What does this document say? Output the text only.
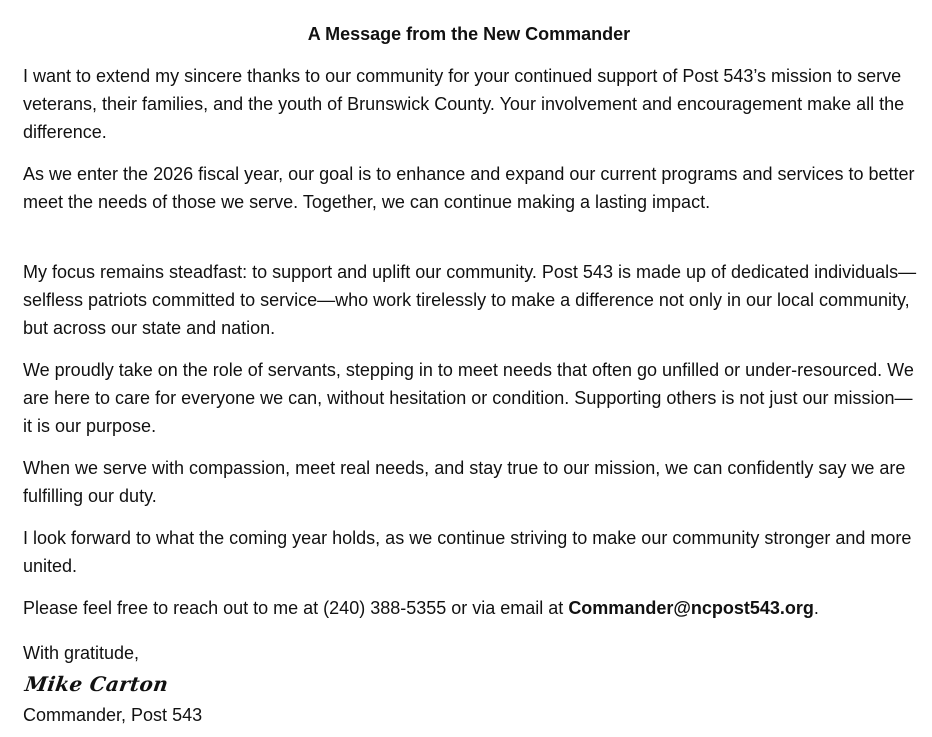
A Message from the New Commander

I want to extend my sincere thanks to our community for your continued support of Post 543’s mission to serve veterans, their families, and the youth of Brunswick County. Your involvement and encouragement make all the difference.

As we enter the 2026 fiscal year, our goal is to enhance and expand our current programs and services to better meet the needs of those we serve. Together, we can continue making a lasting impact.

My focus remains steadfast: to support and uplift our community. Post 543 is made up of dedicated individuals—selfless patriots committed to service—who work tirelessly to make a difference not only in our local community, but across our state and nation.

We proudly take on the role of servants, stepping in to meet needs that often go unfilled or under-resourced. We are here to care for everyone we can, without hesitation or condition. Supporting others is not just our mission—it is our purpose.

When we serve with compassion, meet real needs, and stay true to our mission, we can confidently say we are fulfilling our duty.

I look forward to what the coming year holds, as we continue striving to make our community stronger and more united.

Please feel free to reach out to me at (240) 388-5355 or via email at Commander@ncpost543.org.

With gratitude,
Mike Carton
Commander, Post 543
